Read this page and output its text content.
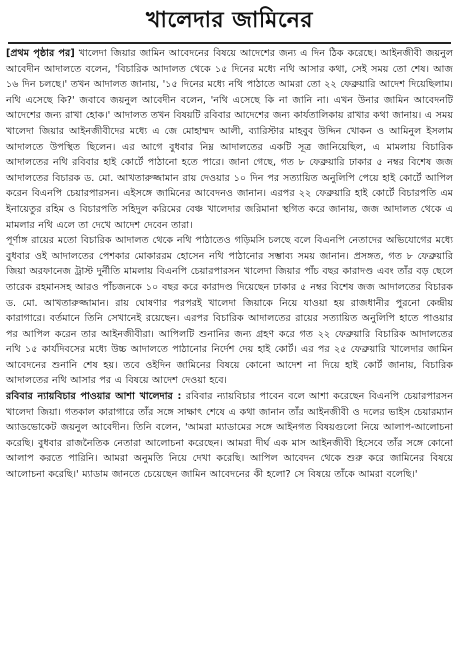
খালেদার জামিনের

[প্রথম পৃষ্ঠার পর] খালেদা জিয়ার জামিন আবেদনের বিষয়ে আদেশের জন্য এ দিন ঠিক করেছে। আইনজীবী জয়নুল আবেদীন আদালতে বলেন, 'বিচারিক আদালত থেকে ১৫ দিনের মধ্যে নথি আসার কথা, সেই সময় তো শেষ। আজ ১৬ দিন চলছে।' তখন আদালত জানায়, '১৫ দিনের মধ্যে নথি পাঠাতে আমরা তো ২২ ফেব্রুয়ারি আদেশ দিয়েছিলাম। নথি এসেছে কি?' জবাবে জয়নুল আবেদীন বলেন, 'নথি এসেছে কি না জানি না। এখন উনার জামিন আবেদনটি আদেশের জন্য রাখা হোক।' আদালত তখন বিষয়টি রবিবার আদেশের জন্য কার্যতালিকায় রাখার কথা জানায়। এ সময় খালেদা জিয়ার আইনজীবীদের মধ্যে এ জে মোহাম্মদ আলী, ব্যারিস্টার মাহবুব উদ্দিন খোকন ও আমিনুল ইসলাম আদালতে উপস্থিত ছিলেন। এর আগে বুধবার নিম্ন আদালতের একটি সূত্র জানিয়েছিল, এ মামলায় বিচারিক আদালতের নথি রবিবার হাই কোর্টে পাঠানো হতে পারে। জানা গেছে, গত ৮ ফেব্রুয়ারি ঢাকার ৫ নম্বর বিশেষ জজ আদালতের বিচারক ড. মো. আখতারুজ্জামান রায় দেওয়ার ১০ দিন পর সত্যায়িত অনুলিপি পেয়ে হাই কোর্টে আপিল করেন বিএনপি চেয়ারপারসন। এইসঙ্গে জামিনের আবেদনও জানান। এরপর ২২ ফেব্রুয়ারি হাই কোর্টে বিচারপতি এম ইনায়েতুর রহিম ও বিচারপতি সহিদুল করিমের বেঞ্চ খালেদার জরিমানা স্থগিত করে জানায়, জজ আদালত থেকে এ মামলার নথি এলে তা দেখে আদেশ দেবেন তারা।

পূর্ণাঙ্গ রায়ের মতো বিচারিক আদালত থেকে নথি পাঠাতেও গড়িমসি চলছে বলে বিএনপি নেতাদের অভিযোগের মধ্যে বুধবার ওই আদালতের পেশকার মোকাররম হোসেন নথি পাঠানোর সম্ভাব্য সময় জানান। প্রসঙ্গত, গত ৮ ফেব্রুয়ারি জিয়া অরফানেজ ট্রাস্ট দুর্নীতি মামলায় বিএনপি চেয়ারপারসন খালেদা জিয়ার পাঁচ বছর কারাদণ্ড এবং তাঁর বড় ছেলে তারেক রহমানসহ আরও পাঁচজনকে ১০ বছর করে কারাদণ্ড দিয়েছেন ঢাকার ৫ নম্বর বিশেষ জজ আদালতের বিচারক ড. মো. আখতারুজ্জামান। রায় ঘোষণার পরপরই খালেদা জিয়াকে নিয়ে যাওয়া হয় রাজধানীর পুরনো কেন্দ্রীয় কারাগারে। বর্তমানে তিনি সেখানেই রয়েছেন। এরপর বিচারিক আদালতের রায়ের সত্যায়িত অনুলিপি হাতে পাওয়ার পর আপিল করেন তার আইনজীবীরা। আপিলটি শুনানির জন্য গ্রহণ করে গত ২২ ফেব্রুয়ারি বিচারিক আদালতের নথি ১৫ কার্যদিবসের মধ্যে উচ্চ আদালতে পাঠানোর নির্দেশ দেয় হাই কোর্ট। এর পর ২৫ ফেব্রুয়ারি খালেদার জামিন আবেদনের শুনানি শেষ হয়। তবে ওইদিন জামিনের বিষয়ে কোনো আদেশ না দিয়ে হাই কোর্ট জানায়, বিচারিক আদালতের নথি আসার পর এ বিষয়ে আদেশ দেওয়া হবে।

রবিবার ন্যায়বিচার পাওয়ার আশা খালেদার : রবিবার ন্যায়বিচার পাবেন বলে আশা করেছেন বিএনপি চেয়ারপারসন খালেদা জিয়া। গতকাল কারাগারে তাঁর সঙ্গে সাক্ষাৎ শেষে এ কথা জানান তাঁর আইনজীবী ও দলের ভাইস চেয়ারম্যান অ্যাডভোকেট জয়নুল আবেদীন। তিনি বলেন, 'আমরা ম্যাডামের সঙ্গে আইনগত বিষয়গুলো নিয়ে আলাপ-আলোচনা করেছি। বুধবার রাজনৈতিক নেতারা আলোচনা করেছেন। আমরা দীর্ঘ এক মাস আইনজীবী হিসেবে তাঁর সঙ্গে কোনো আলাপ করতে পারিনি। আমরা অনুমতি নিয়ে দেখা করেছি। আপিল আবেদন থেকে শুরু করে জামিনের বিষয়ে আলোচনা করেছি।' ম্যাডাম জানতে চেয়েছেন জামিন আবেদনের কী হলো? সে বিষয়ে তাঁকে আমরা বলেছি।'
